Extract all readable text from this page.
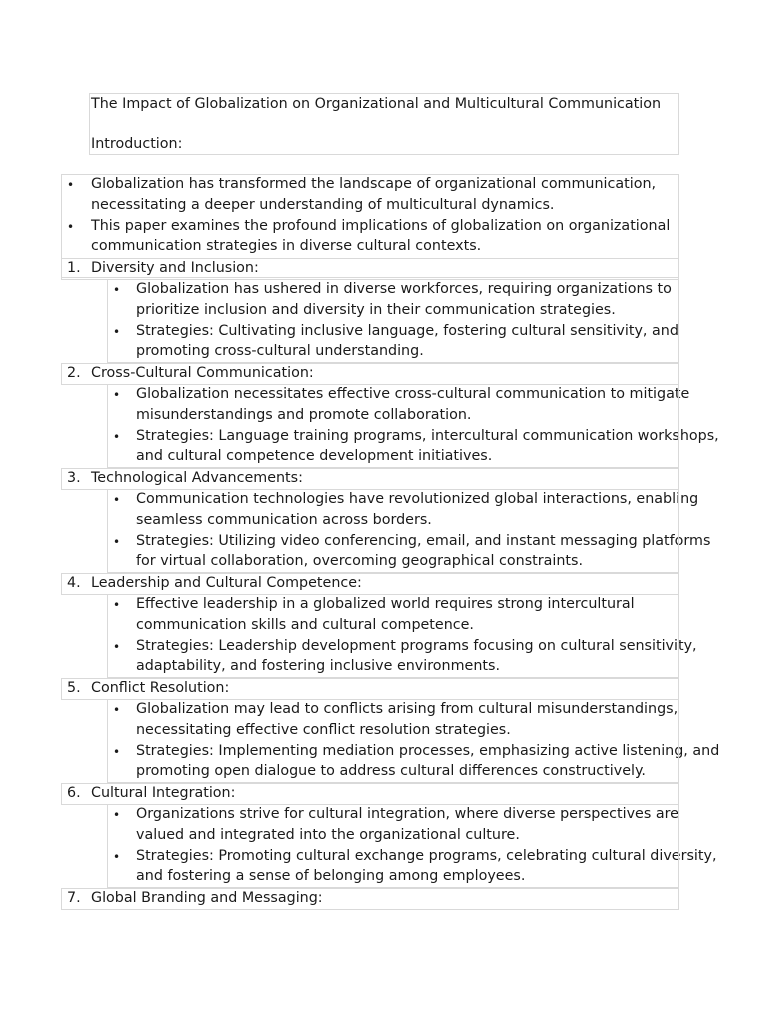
The Impact of Globalization on Organizational and Multicultural Communication
Introduction:
• Globalization has transformed the landscape of organizational communication,
necessitating a deeper understanding of multicultural dynamics.
• This paper examines the profound implications of globalization on organizational
communication strategies in diverse cultural contexts.
1. Diversity and Inclusion:
• Globalization has ushered in diverse workforces, requiring organizations to
prioritize inclusion and diversity in their communication strategies.
• Strategies: Cultivating inclusive language, fostering cultural sensitivity, and
promoting cross-cultural understanding.
2. Cross-Cultural Communication:
• Globalization necessitates effective cross-cultural communication to mitigate
misunderstandings and promote collaboration.
• Strategies: Language training programs, intercultural communication workshops,
and cultural competence development initiatives.
3. Technological Advancements:
• Communication technologies have revolutionized global interactions, enabling
seamless communication across borders.
• Strategies: Utilizing video conferencing, email, and instant messaging platforms
for virtual collaboration, overcoming geographical constraints.
4. Leadership and Cultural Competence:
• Effective leadership in a globalized world requires strong intercultural
communication skills and cultural competence.
• Strategies: Leadership development programs focusing on cultural sensitivity,
adaptability, and fostering inclusive environments.
5. Conflict Resolution:
• Globalization may lead to conflicts arising from cultural misunderstandings,
necessitating effective conflict resolution strategies.
• Strategies: Implementing mediation processes, emphasizing active listening, and
promoting open dialogue to address cultural differences constructively.
6. Cultural Integration:
• Organizations strive for cultural integration, where diverse perspectives are
valued and integrated into the organizational culture.
• Strategies: Promoting cultural exchange programs, celebrating cultural diversity,
and fostering a sense of belonging among employees.
7. Global Branding and Messaging:
